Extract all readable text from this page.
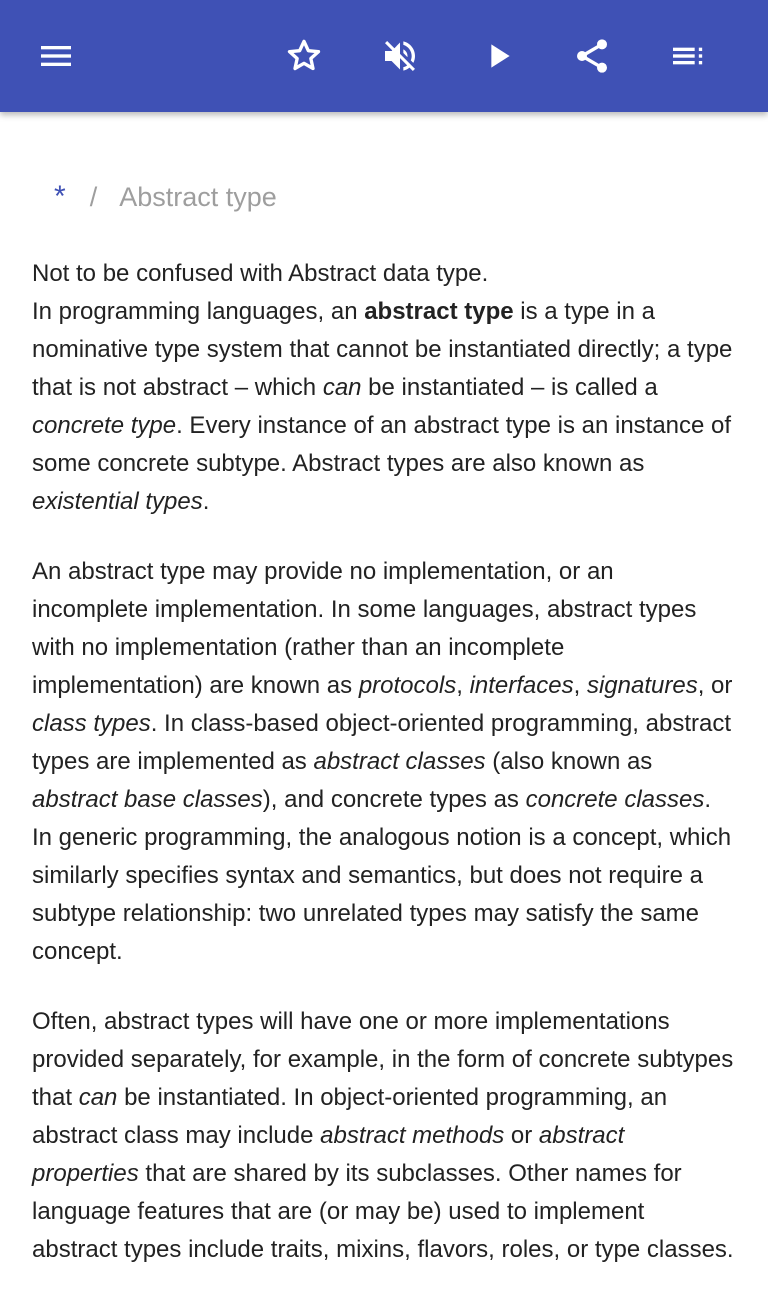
* / Abstract type
Not to be confused with Abstract data type.

In programming languages, an abstract type is a type in a nominative type system that cannot be instantiated directly; a type that is not abstract – which can be instantiated – is called a concrete type. Every instance of an abstract type is an instance of some concrete subtype. Abstract types are also known as existential types.

An abstract type may provide no implementation, or an incomplete implementation. In some languages, abstract types with no implementation (rather than an incomplete implementation) are known as protocols, interfaces, signatures, or class types. In class-based object-oriented programming, abstract types are implemented as abstract classes (also known as abstract base classes), and concrete types as concrete classes. In generic programming, the analogous notion is a concept, which similarly specifies syntax and semantics, but does not require a subtype relationship: two unrelated types may satisfy the same concept.

Often, abstract types will have one or more implementations provided separately, for example, in the form of concrete subtypes that can be instantiated. In object-oriented programming, an abstract class may include abstract methods or abstract properties that are shared by its subclasses. Other names for language features that are (or may be) used to implement abstract types include traits, mixins, flavors, roles, or type classes.
